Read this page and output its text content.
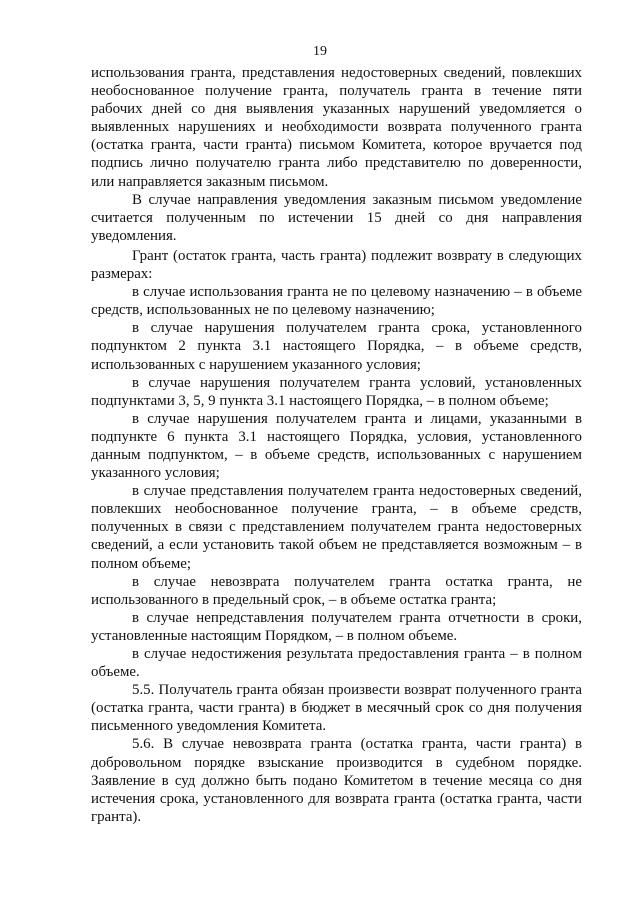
19

использования гранта, представления недостоверных сведений, повлекших необоснованное получение гранта, получатель гранта в течение пяти рабочих дней со дня выявления указанных нарушений уведомляется о выявленных нарушениях и необходимости возврата полученного гранта (остатка гранта, части гранта) письмом Комитета, которое вручается под подпись лично получателю гранта либо представителю по доверенности, или направляется заказным письмом.

В случае направления уведомления заказным письмом уведомление считается полученным по истечении 15 дней со дня направления уведомления.

Грант (остаток гранта, часть гранта) подлежит возврату в следующих размерах:

в случае использования гранта не по целевому назначению – в объеме средств, использованных не по целевому назначению;

в случае нарушения получателем гранта срока, установленного подпунктом 2 пункта 3.1 настоящего Порядка, – в объеме средств, использованных с нарушением указанного условия;

в случае нарушения получателем гранта условий, установленных подпунктами 3, 5, 9 пункта 3.1 настоящего Порядка, – в полном объеме;

в случае нарушения получателем гранта и лицами, указанными в подпункте 6 пункта 3.1 настоящего Порядка, условия, установленного данным подпунктом, – в объеме средств, использованных с нарушением указанного условия;

в случае представления получателем гранта недостоверных сведений, повлекших необоснованное получение гранта, – в объеме средств, полученных в связи с представлением получателем гранта недостоверных сведений, а если установить такой объем не представляется возможным – в полном объеме;

в случае невозврата получателем гранта остатка гранта, не использованного в предельный срок, – в объеме остатка гранта;

в случае непредставления получателем гранта отчетности в сроки, установленные настоящим Порядком, – в полном объеме.

в случае недостижения результата предоставления гранта – в полном объеме.

5.5. Получатель гранта обязан произвести возврат полученного гранта (остатка гранта, части гранта) в бюджет в месячный срок со дня получения письменного уведомления Комитета.

5.6. В случае невозврата гранта (остатка гранта, части гранта) в добровольном порядке взыскание производится в судебном порядке. Заявление в суд должно быть подано Комитетом в течение месяца со дня истечения срока, установленного для возврата гранта (остатка гранта, части гранта).
